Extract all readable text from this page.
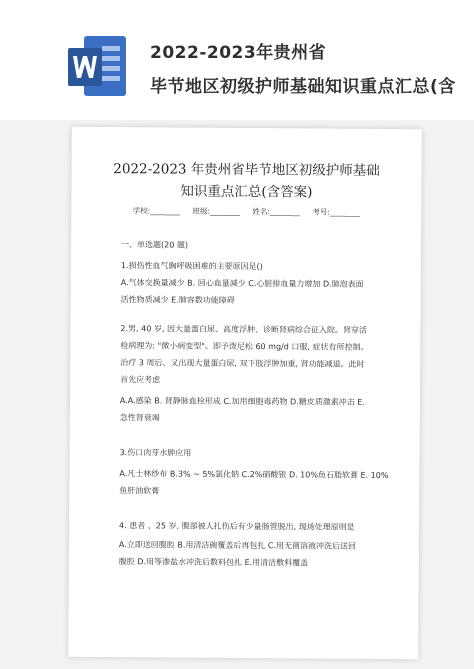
2022-2023年贵州省
毕节地区初级护师基础知识重点汇总(含
2022-2023 年贵州省毕节地区初级护师基础
知识重点汇总(含答案)
学校:________ 班级:________ 姓名:________ 考号:________
一、单选题(20 题)
1.损伤性血气胸呼吸困难的主要原因是()
A.气体交换量减少 B. 回心血量减少 C.心脏排血量力增加 D.肺泡表面
活性物质减少 E.肺容数功能障碍
2.男, 40 岁, 因大量蛋白尿、高度浮肿、诊断肾病综合征入院。肾穿活
检病理为: "微小病变型"。即予泼尼松 60 mg/d 口服, 症状有所控制。
治疗 3 周后、又出现大量蛋白尿, 双下肢浮肿加重, 肾功能减退。此时
首先应考虑
A.A.感染 B. 肾静脉血栓形成 C.加用细胞毒药物 D.糖皮质激素冲击 E.
急性肾衰竭
3.伤口肉芽水肿应用
A.凡士林纱布 B.3% ~ 5%氯化钠 C.2%硝酸银 D. 10%鱼石脂软膏 E. 10%
鱼肝油软膏
4. 患者 、25 岁, 腹部被人扎伤后有少量肠管脱出, 现场处理原则是
A.立即送回腹腔 B.用清洁碗覆盖后再包扎 C.用无菌溶液冲洗后送回
腹腔 D.用等渗盐水冲洗后数料包扎 E.用清洁敷料覆盖
